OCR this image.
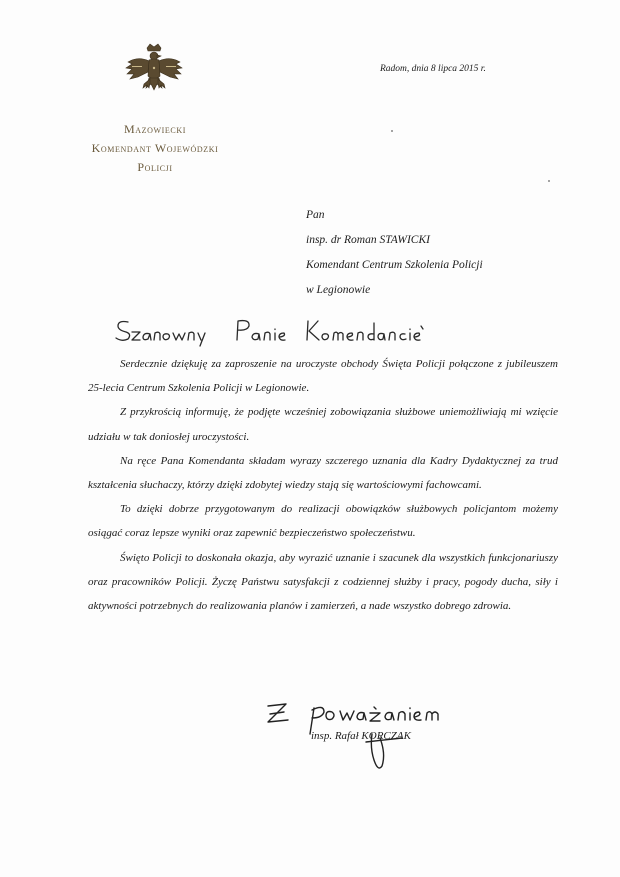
Mazowiecki
Komendant Wojewódzki
Policji
Radom, dnia 8 lipca 2015 r.
Pan
insp. dr Roman STAWICKI
Komendant Centrum Szkolenia Policji
w Legionowie

Serdecznie dziękuję za zaproszenie na uroczyste obchody Święta Policji połączone z jubileuszem 25-lecia Centrum Szkolenia Policji w Legionowie.

Z przykrością informuję, że podjęte wcześniej zobowiązania służbowe uniemożliwiają mi wzięcie udziału w tak doniosłej uroczystości.

Na ręce Pana Komendanta składam wyrazy szczerego uznania dla Kadry Dydaktycznej za trud kształcenia słuchaczy, którzy dzięki zdobytej wiedzy stają się wartościowymi fachowcami.

To dzięki dobrze przygotowanym do realizacji obowiązków służbowych policjantom możemy osiągać coraz lepsze wyniki oraz zapewnić bezpieczeństwo społeczeństwu.

Święto Policji to doskonała okazja, aby wyrazić uznanie i szacunek dla wszystkich funkcjonariuszy oraz pracowników Policji. Życzę Państwu satysfakcji z codziennej służby i pracy, pogody ducha, siły i aktywności potrzebnych do realizowania planów i zamierzeń, a nade wszystko dobrego zdrowia.

insp. Rafał KORCZAK
